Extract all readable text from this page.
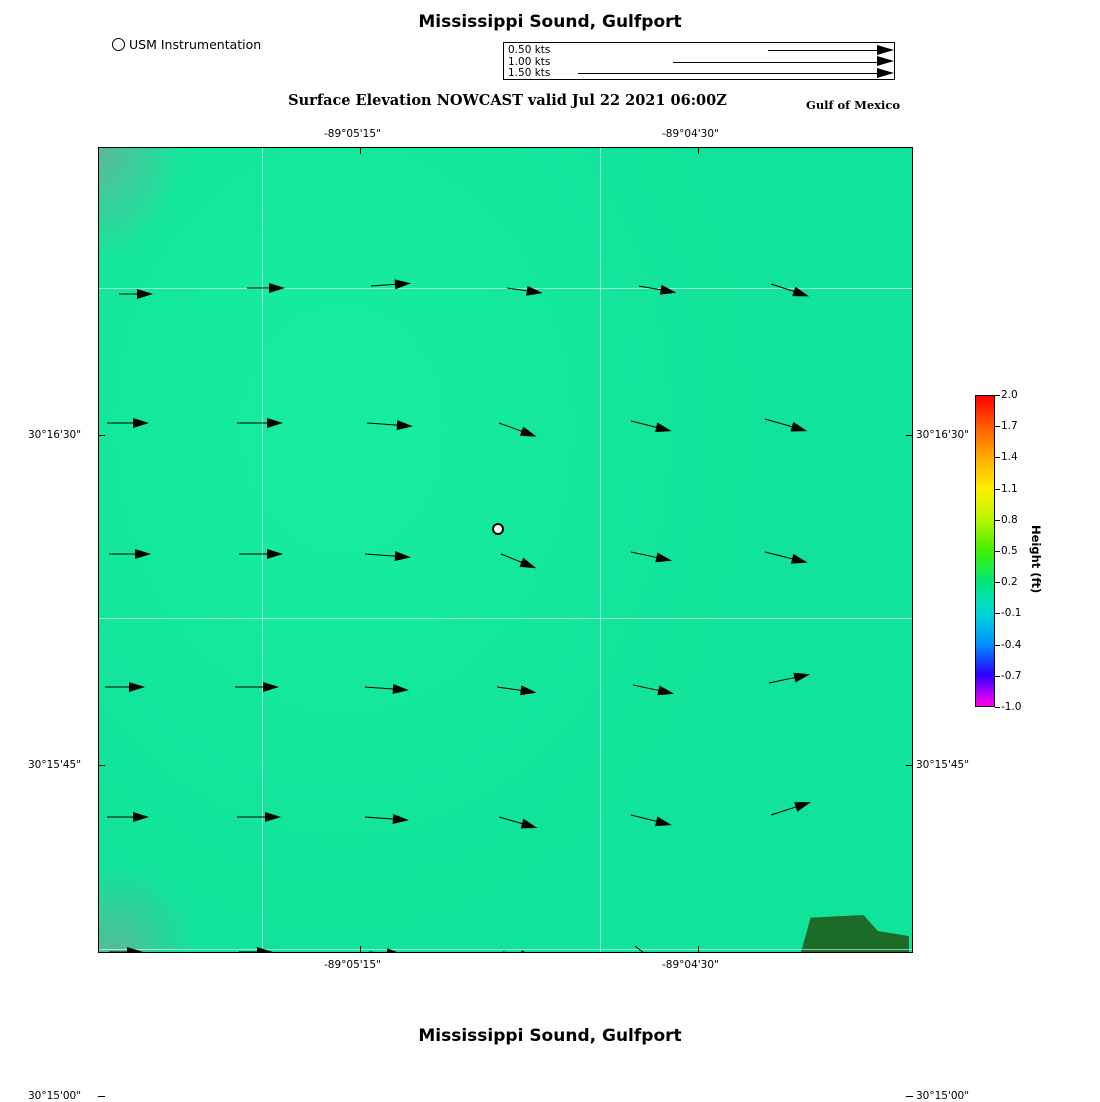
Mississippi Sound, Gulfport
Surface Elevation NOWCAST valid Jul 22 2021 06:00Z	Gulf of Mexico
Mississippi Sound, Gulfport
USM Instrumentation	0.50 kts
1.00 kts
1.50 kts
-89°05'15"	-89°04'30"
-89°05'15"	-89°04'30"
30°16'30"
30°15'45"
30°15'00"
30°16'30"
30°15'45"
30°15'00"
2.0
1.7
1.4
1.1
0.8
0.5
0.2
-0.1
-0.4
-0.7
-1.0
Height (ft)
